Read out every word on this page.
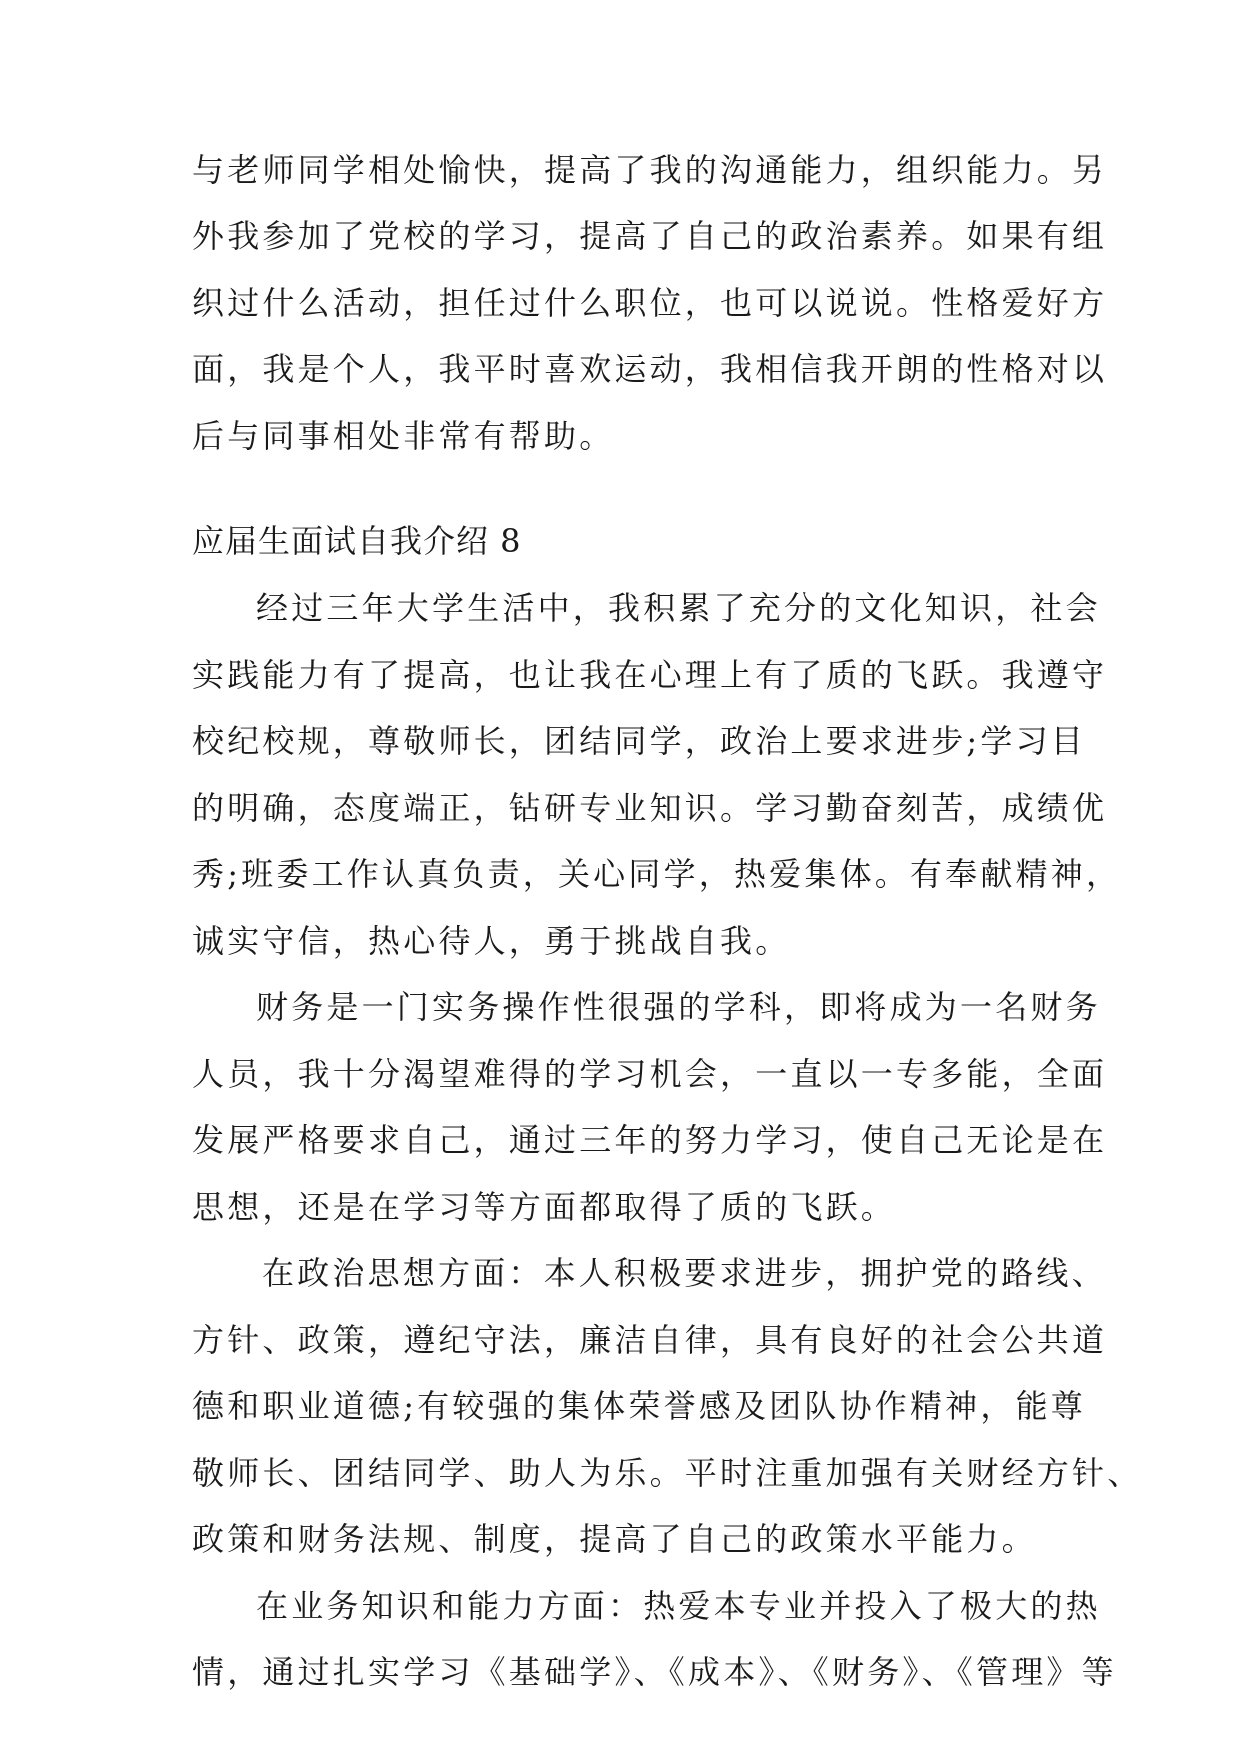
与老师同学相处愉快，提高了我的沟通能力，组织能力。另

外我参加了党校的学习，提高了自己的政治素养。如果有组

织过什么活动，担任过什么职位，也可以说说。性格爱好方

面，我是个人，我平时喜欢运动，我相信我开朗的性格对以

后与同事相处非常有帮助。

应届生面试自我介绍 8

经过三年大学生活中，我积累了充分的文化知识，社会

实践能力有了提高，也让我在心理上有了质的飞跃。我遵守

校纪校规，尊敬师长，团结同学，政治上要求进步;学习目

的明确，态度端正，钻研专业知识。学习勤奋刻苦，成绩优

秀;班委工作认真负责，关心同学，热爱集体。有奉献精神，

诚实守信，热心待人，勇于挑战自我。

财务是一门实务操作性很强的学科，即将成为一名财务

人员，我十分渴望难得的学习机会，一直以一专多能，全面

发展严格要求自己，通过三年的努力学习，使自己无论是在

思想，还是在学习等方面都取得了质的飞跃。

在政治思想方面：本人积极要求进步，拥护党的路线、

方针、政策，遵纪守法，廉洁自律，具有良好的社会公共道

德和职业道德;有较强的集体荣誉感及团队协作精神，能尊

敬师长、团结同学、助人为乐。平时注重加强有关财经方针、

政策和财务法规、制度，提高了自己的政策水平能力。

在业务知识和能力方面：热爱本专业并投入了极大的热

情，通过扎实学习《基础学》、《成本》、《财务》、《管理》等
